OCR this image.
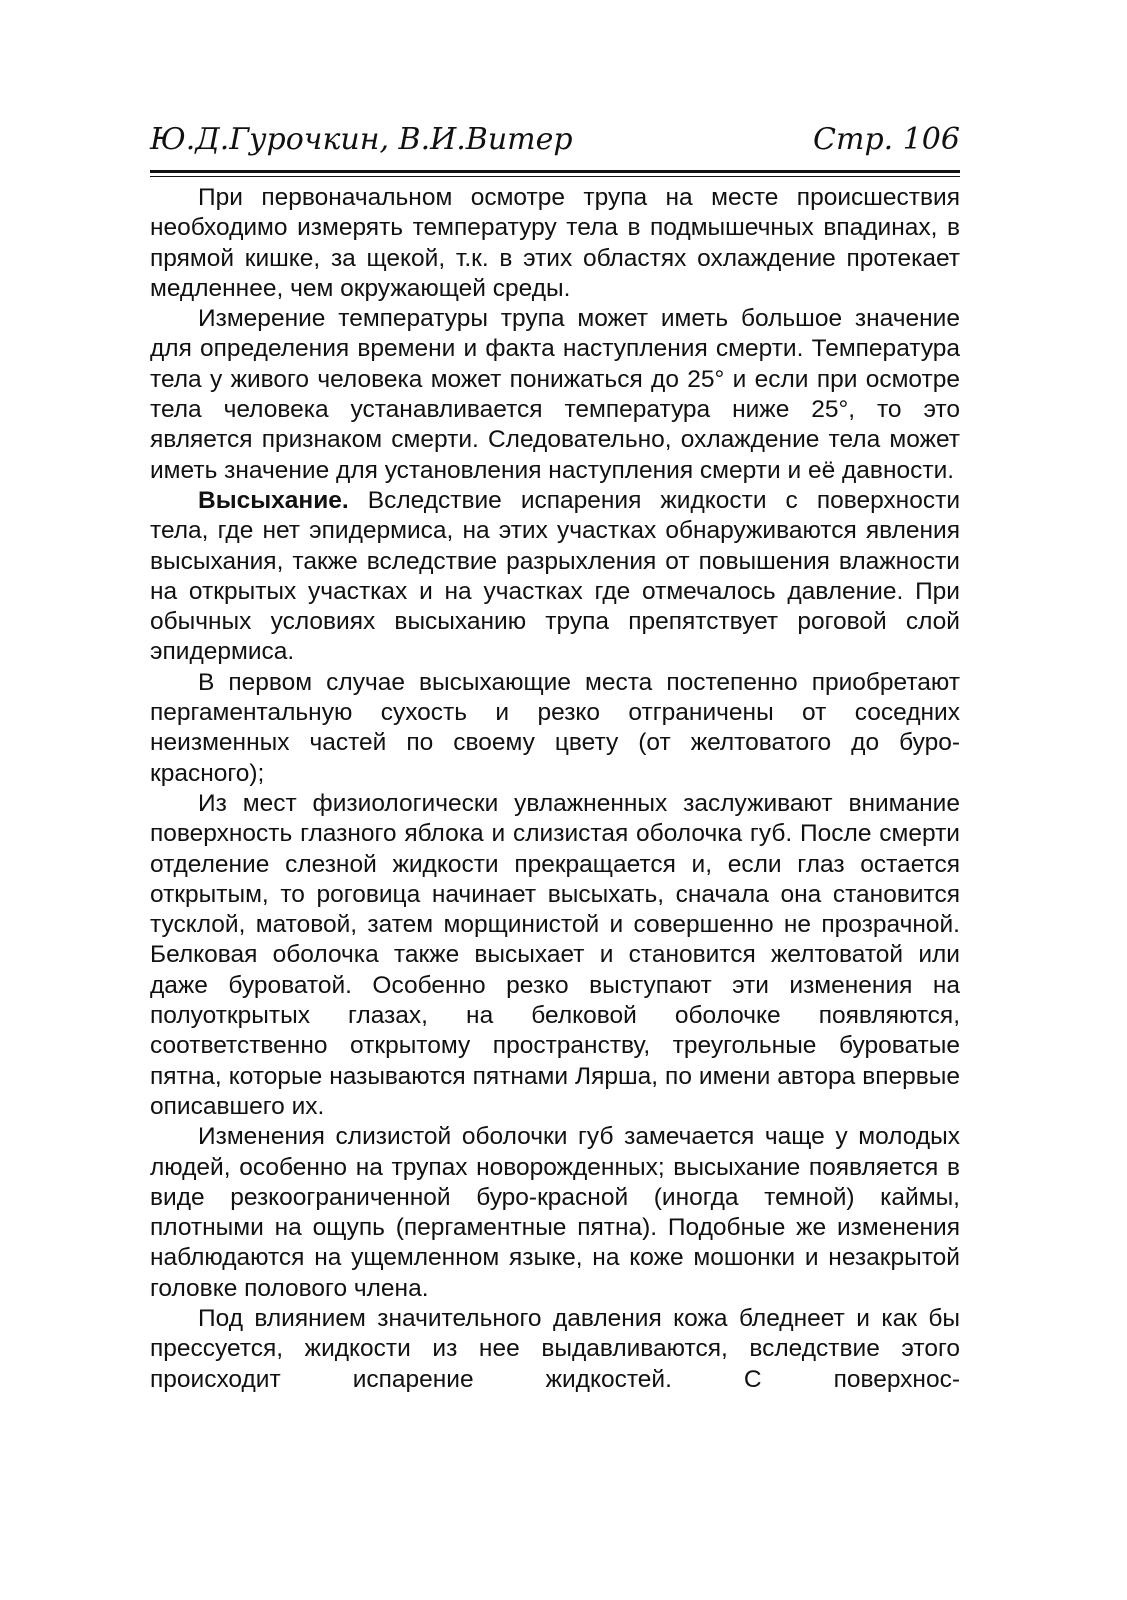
Ю.Д.Гурочкин, В.И.Витер	Стр. 106

При первоначальном осмотре трупа на месте происшествия необходимо измерять температуру тела в подмышечных впадинах, в прямой кишке, за щекой, т.к. в этих областях охлаждение протекает медленнее, чем окружающей среды.

Измерение температуры трупа может иметь большое значение для определения времени и факта наступления смерти. Температура тела у живого человека может понижаться до 25° и если при осмотре тела человека устанавливается температура ниже 25°, то это является признаком смерти. Следовательно, охлаждение тела может иметь значение для установления наступления смерти и её давности.

Высыхание. Вследствие испарения жидкости с поверхности тела, где нет эпидермиса, на этих участках обнаруживаются явления высыхания, также вследствие разрыхления от повышения влажности на открытых участках и на участках где отмечалось давление. При обычных условиях высыханию трупа препятствует роговой слой эпидермиса.

В первом случае высыхающие места постепенно приобретают пергаментальную сухость и резко отграничены от соседних неизменных частей по своему цвету (от желтоватого до буро-красного);

Из мест физиологически увлажненных заслуживают внимание поверхность глазного яблока и слизистая оболочка губ. После смерти отделение слезной жидкости прекращается и, если глаз остается открытым, то роговица начинает высыхать, сначала она становится тусклой, матовой, затем морщинистой и совершенно не прозрачной. Белковая оболочка также высыхает и становится желтоватой или даже буроватой. Особенно резко выступают эти изменения на полуоткрытых глазах, на белковой оболочке появляются, соответственно открытому пространству, треугольные буроватые пятна, которые называются пятнами Лярша, по имени автора впервые описавшего их.

Изменения слизистой оболочки губ замечается чаще у молодых людей, особенно на трупах новорожденных; высыхание появляется в виде резкоограниченной буро-красной (иногда темной) каймы, плотными на ощупь (пергаментные пятна). Подобные же изменения наблюдаются на ущемленном языке, на коже мошонки и незакрытой головке полового члена.

Под влиянием значительного давления кожа бледнеет и как бы прессуется, жидкости из нее выдавливаются, вследствие этого происходит испарение жидкостей. С поверхнос-
